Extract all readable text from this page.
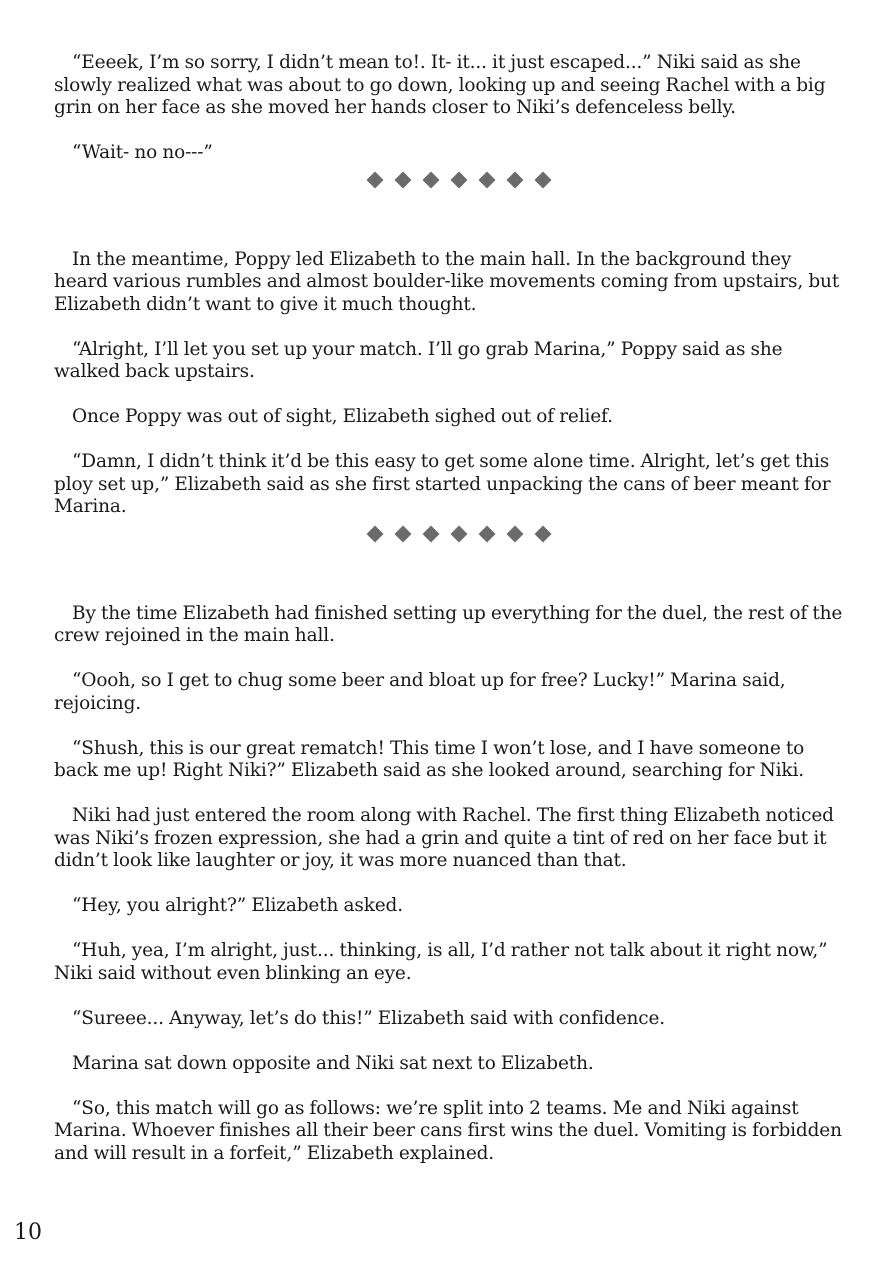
“Eeeek, I’m so sorry, I didn’t mean to!. It- it... it just escaped...” Niki said as she slowly realized what was about to go down, looking up and seeing Rachel with a big grin on her face as she moved her hands closer to Niki’s defenceless belly.

“Wait- no no---”

In the meantime, Poppy led Elizabeth to the main hall. In the background they heard various rumbles and almost boulder-like movements coming from upstairs, but Elizabeth didn’t want to give it much thought.

“Alright, I’ll let you set up your match. I’ll go grab Marina,” Poppy said as she walked back upstairs.

Once Poppy was out of sight, Elizabeth sighed out of relief.

“Damn, I didn’t think it’d be this easy to get some alone time. Alright, let’s get this ploy set up,” Elizabeth said as she first started unpacking the cans of beer meant for Marina.

By the time Elizabeth had finished setting up everything for the duel, the rest of the crew rejoined in the main hall.

“Oooh, so I get to chug some beer and bloat up for free? Lucky!” Marina said, rejoicing.

“Shush, this is our great rematch! This time I won’t lose, and I have someone to back me up! Right Niki?” Elizabeth said as she looked around, searching for Niki.

Niki had just entered the room along with Rachel. The first thing Elizabeth noticed was Niki’s frozen expression, she had a grin and quite a tint of red on her face but it didn’t look like laughter or joy, it was more nuanced than that.

“Hey, you alright?” Elizabeth asked.

“Huh, yea, I’m alright, just... thinking, is all, I’d rather not talk about it right now,” Niki said without even blinking an eye.

“Sureee... Anyway, let’s do this!” Elizabeth said with confidence.

Marina sat down opposite and Niki sat next to Elizabeth.

“So, this match will go as follows: we’re split into 2 teams. Me and Niki against Marina. Whoever finishes all their beer cans first wins the duel. Vomiting is forbidden and will result in a forfeit,” Elizabeth explained.

10
